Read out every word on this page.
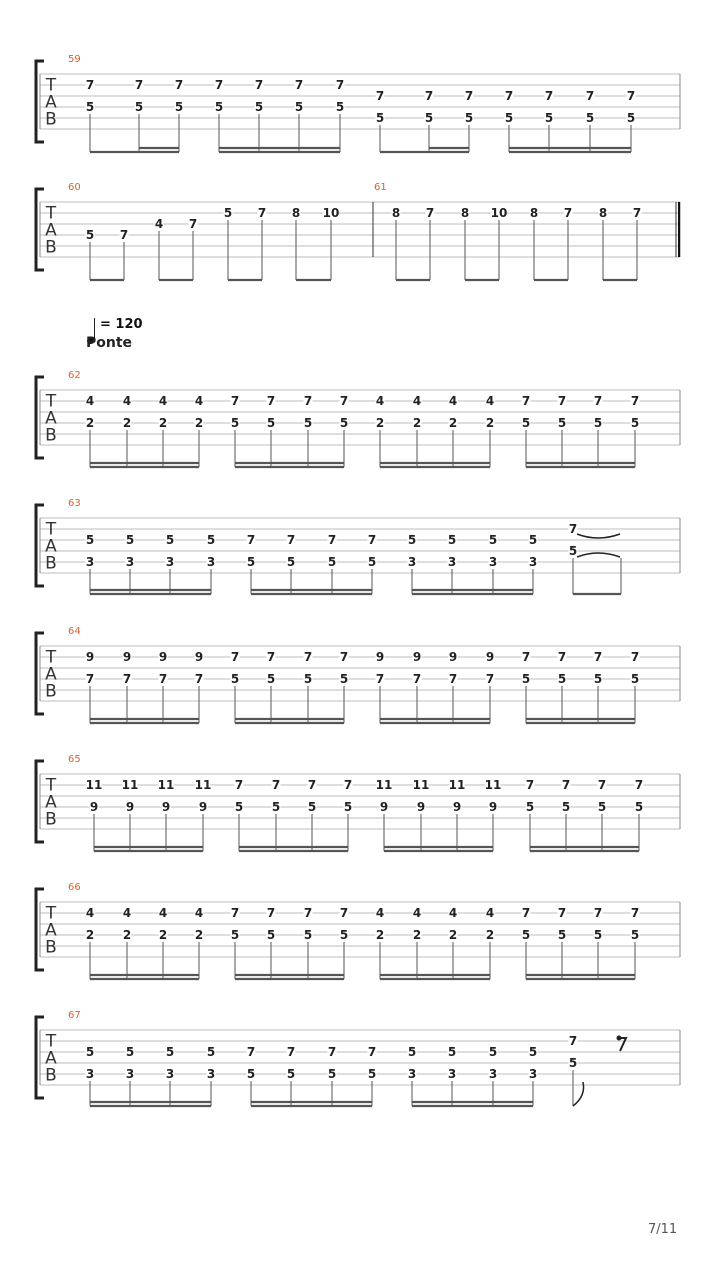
T
A
B
59
7
5
7
5
7
5
7
5
7
5
7
5
7
5
7
5
7
5
7
5
7
5
7
5
7
5
7
5
T
A
B
60	61
5 7
4 7
5 7 8 10	8 7 8 10 8 7 8 7
T
A
B
62
4
2
4
2
4
2
4
2
7
5
7
5
7
5
7
5
4
2
4
2
4
2
4
2
7
5
7
5
7
5
7
5
T
A
B
63
5
3
5
3
5
3
5
3
7
5
7
5
7
5
7
5
5
3
5
3
5
3
5
3
7
5
T
A
B
64
9
7
9
7
9
7
9
7
7
5
7
5
7
5
7
5
9
7
9
7
9
7
9
7
7
5
7
5
7
5
7
5
T
A
B
65
11
9
11
9
11
9
11
9
7
5
7
5
7
5
7
5
11
9
11
9
11
9
11
9
7
5
7
5
7
5
7
5
T
A
B
66
4
2
4
2
4
2
4
2
7
5
7
5
7
5
7
5
4
2
4
2
4
2
4
2
7
5
7
5
7
5
7
5
T
A
B
67
5
3
5
3
5
3
5
3
7
5
7
5
7
5
7
5
5
3
5
3
5
3
5
3
7
5
= 120
Ponte
7/11
